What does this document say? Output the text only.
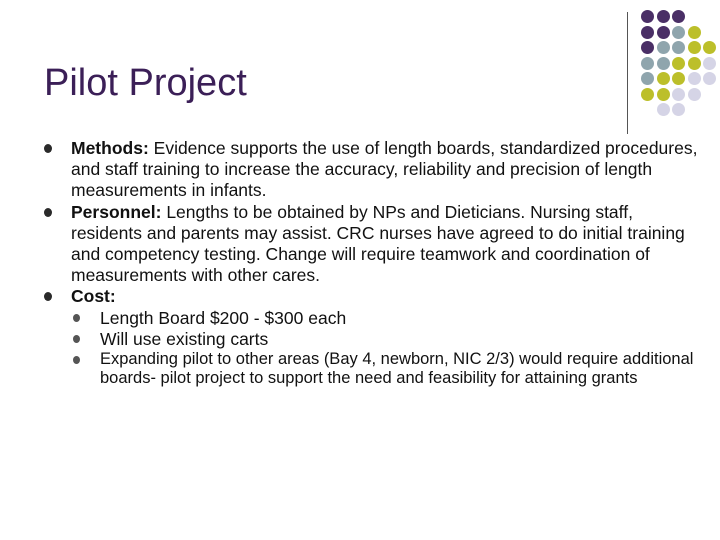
Pilot Project
Methods: Evidence supports the use of length boards, standardized procedures, and staff training to increase the accuracy, reliability and precision of length measurements in infants.
Personnel: Lengths to be obtained by NPs and Dieticians. Nursing staff, residents and parents may assist. CRC nurses have agreed to do initial training and competency testing. Change will require teamwork and coordination of measurements with other cares.
Cost:
Length Board $200 - $300 each
Will use existing carts
Expanding pilot to other areas (Bay 4, newborn, NIC 2/3) would require additional boards- pilot project to support the need and feasibility for attaining grants
